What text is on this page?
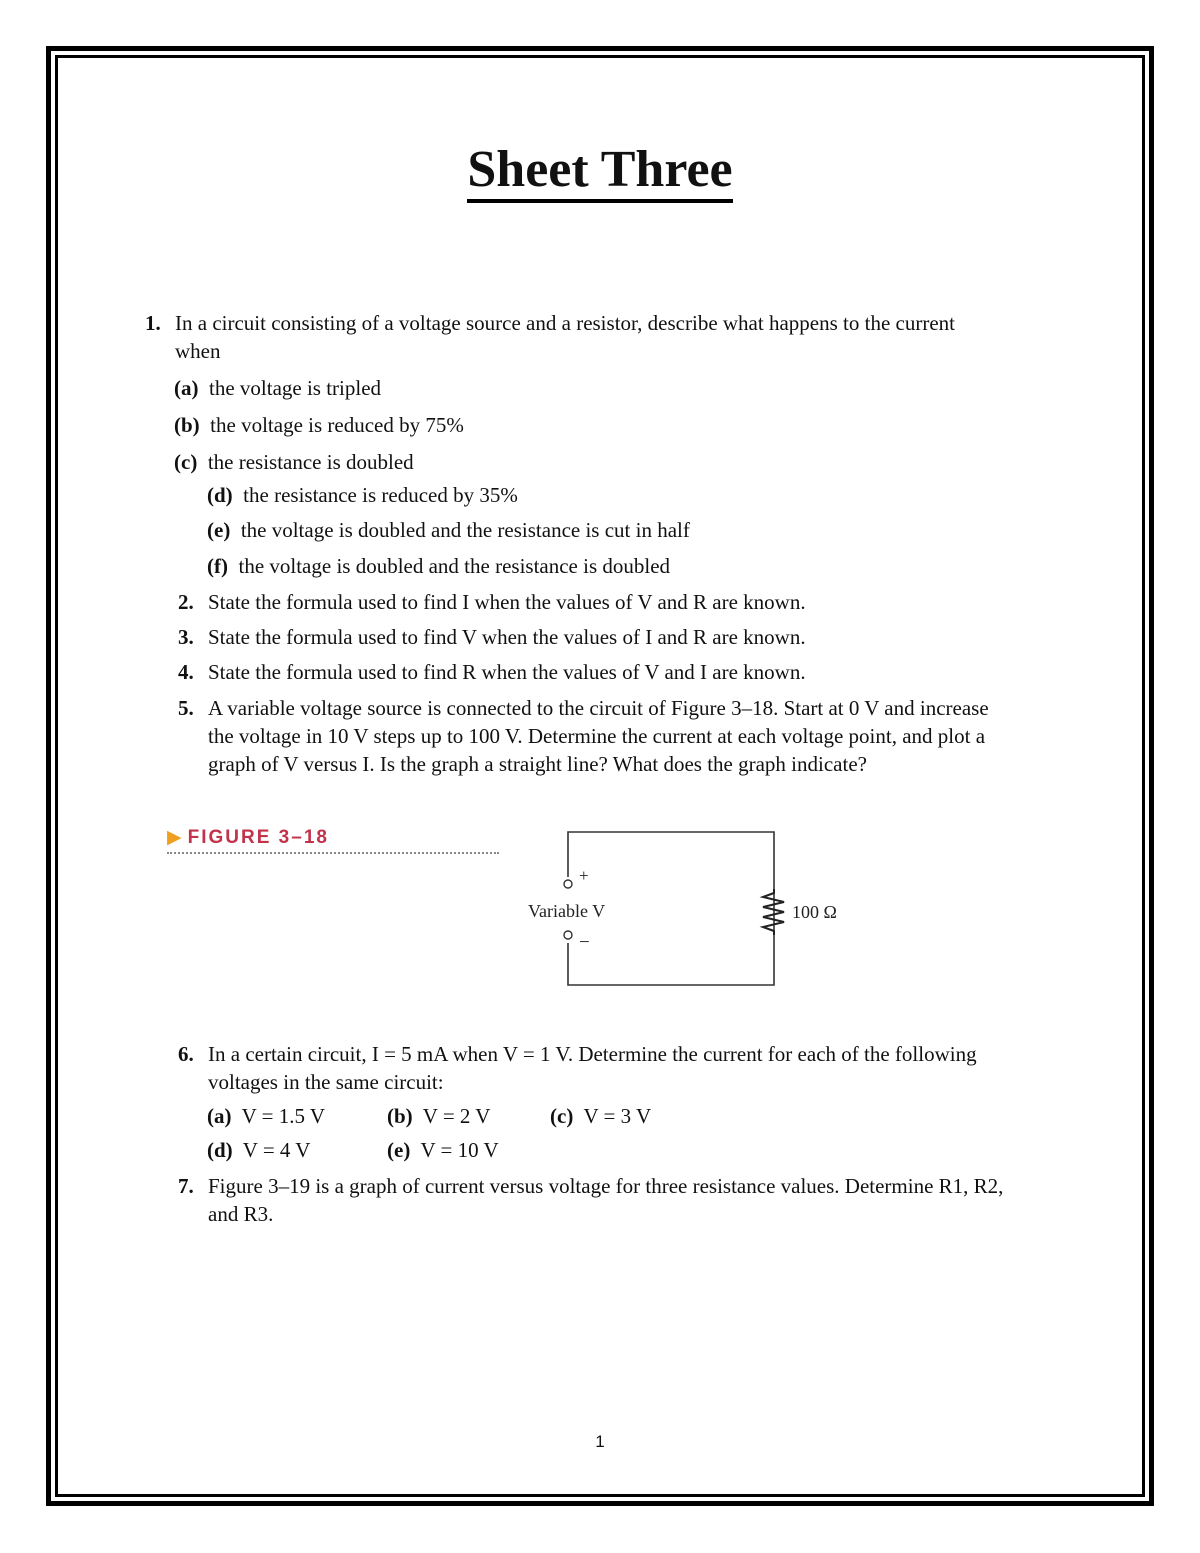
Sheet Three
1. In a circuit consisting of a voltage source and a resistor, describe what happens to the current
when
(a) the voltage is tripled
(b) the voltage is reduced by 75%
(c) the resistance is doubled
(d) the resistance is reduced by 35%
(e) the voltage is doubled and the resistance is cut in half
(f) the voltage is doubled and the resistance is doubled
2. State the formula used to find I when the values of V and R are known.
3. State the formula used to find V when the values of I and R are known.
4. State the formula used to find R when the values of V and I are known.
5. A variable voltage source is connected to the circuit of Figure 3–18. Start at 0 V and increase
the voltage in 10 V steps up to 100 V. Determine the current at each voltage point, and plot a
graph of V versus I. Is the graph a straight line? What does the graph indicate?
▶ FIGURE 3–18
+
−
Variable V	100 Ω
6. In a certain circuit, I = 5 mA when V = 1 V. Determine the current for each of the following
voltages in the same circuit:
(a) V = 1.5 V	(b) V = 2 V	(c) V = 3 V
(d) V = 4 V	(e) V = 10 V
7. Figure 3–19 is a graph of current versus voltage for three resistance values. Determine R1, R2,
and R3.
1
